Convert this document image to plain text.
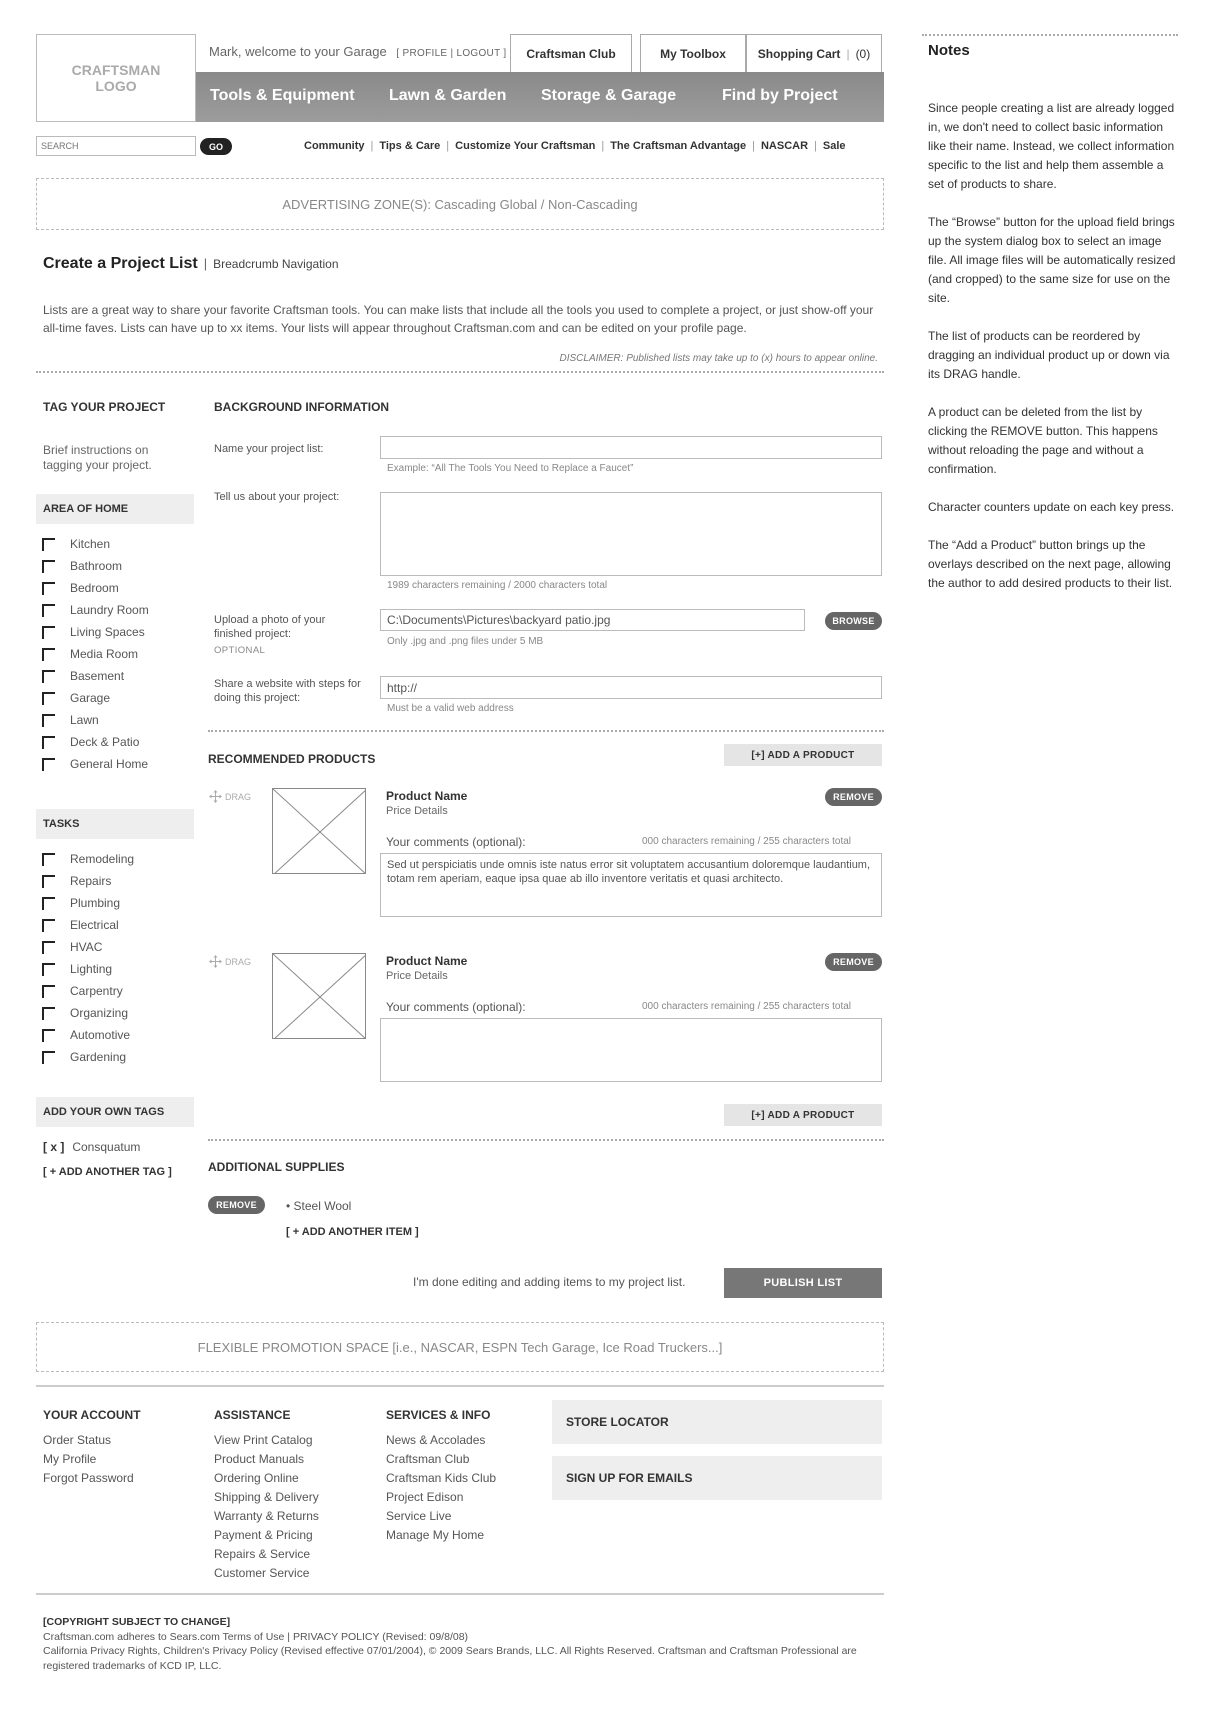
CRAFTSMAN LOGO
Mark, welcome to your Garage [ PROFILE | LOGOUT ] Craftsman Club	My Toolbox	Shopping Cart | (0)
Tools & Equipment Lawn & Garden Storage & Garage	Find by Project
SEARCH
GO	Community | Tips & Care | Customize Your Craftsman | The Craftsman Advantage | NASCAR | Sale
ADVERTISING ZONE(S): Cascading Global / Non-Cascading
Create a Project List | Breadcrumb Navigation
Lists are a great way to share your favorite Craftsman tools. You can make lists that include all the tools you used to complete a project, or just show-off your all-time faves. Lists can have up to xx items. Your lists will appear throughout Craftsman.com and can be edited on your profile page.
DISCLAIMER: Published lists may take up to (x) hours to appear online.
TAG YOUR PROJECT
Brief instructions on tagging your project.
AREA OF HOME
Kitchen
Bathroom
Bedroom
Laundry Room
Living Spaces
Media Room
Basement
Garage
Lawn
Deck & Patio
General Home
TASKS
Remodeling
Repairs
Plumbing
Electrical
HVAC
Lighting
Carpentry
Organizing
Automotive
Gardening
ADD YOUR OWN TAGS
[ x ] Consquatum
[ + ADD ANOTHER TAG ]
BACKGROUND INFORMATION
Name your project list:
Example: “All The Tools You Need to Replace a Faucet”
Tell us about your project:
1989 characters remaining / 2000 characters total
Upload a photo of your finished project:
OPTIONAL
C:\Documents\Pictures\backyard patio.jpg	BROWSE
Only .jpg and .png files under 5 MB
Share a website with steps for doing this project:
http://
Must be a valid web address
RECOMMENDED PRODUCTS	[+] ADD A PRODUCT
DRAG	Product Name
Price Details
REMOVE
Your comments (optional):	000 characters remaining / 255 characters total
Sed ut perspiciatis unde omnis iste natus error sit voluptatem accusantium doloremque laudantium, totam rem aperiam, eaque ipsa quae ab illo inventore veritatis et quasi architecto.
DRAG	Product Name
Price Details
REMOVE
Your comments (optional):	000 characters remaining / 255 characters total
[+] ADD A PRODUCT
ADDITIONAL SUPPLIES
REMOVE	• Steel Wool
[ + ADD ANOTHER ITEM ]
I'm done editing and adding items to my project list.	PUBLISH LIST
FLEXIBLE PROMOTION SPACE [i.e., NASCAR, ESPN Tech Garage, Ice Road Truckers...]
YOUR ACCOUNT
Order Status
My Profile
Forgot Password
ASSISTANCE
View Print Catalog
Product Manuals
Ordering Online
Shipping & Delivery
Warranty & Returns
Payment & Pricing
Repairs & Service
Customer Service
SERVICES & INFO
News & Accolades
Craftsman Club
Craftsman Kids Club
Project Edison
Service Live
Manage My Home
STORE LOCATOR
SIGN UP FOR EMAILS
[COPYRIGHT SUBJECT TO CHANGE]
Craftsman.com adheres to Sears.com Terms of Use | PRIVACY POLICY (Revised: 09/8/08)
California Privacy Rights, Children's Privacy Policy (Revised effective 07/01/2004), © 2009 Sears Brands, LLC. All Rights Reserved. Craftsman and Craftsman Professional are registered trademarks of KCD IP, LLC.
Notes

Since people creating a list are already logged in, we don't need to collect basic information like their name. Instead, we collect information specific to the list and help them assemble a set of products to share.

The “Browse” button for the upload field brings up the system dialog box to select an image file. All image files will be automatically resized (and cropped) to the same size for use on the site.

The list of products can be reordered by dragging an individual product up or down via its DRAG handle.

A product can be deleted from the list by clicking the REMOVE button. This happens without reloading the page and without a confirmation.

Character counters update on each key press.

The “Add a Product” button brings up the overlays described on the next page, allowing the author to add desired products to their list.
